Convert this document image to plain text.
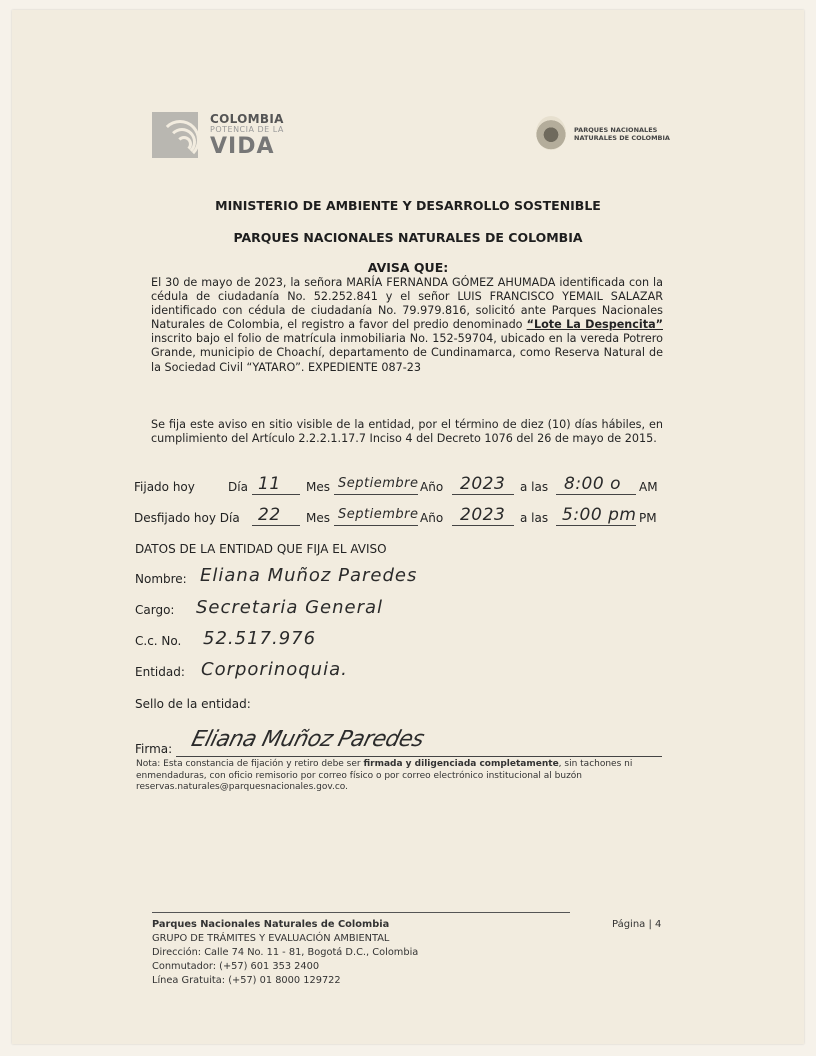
COLOMBIA
POTENCIA DE LA
VIDA
PARQUES NACIONALES
NATURALES DE COLOMBIA
MINISTERIO DE AMBIENTE Y DESARROLLO SOSTENIBLE
PARQUES NACIONALES NATURALES DE COLOMBIA
AVISA QUE:
El 30 de mayo de 2023, la señora MARÍA FERNANDA GÓMEZ AHUMADA identificada con la cédula de ciudadanía No. 52.252.841 y el señor LUIS FRANCISCO YEMAIL SALAZAR identificado con cédula de ciudadanía No. 79.979.816, solicitó ante Parques Nacionales Naturales de Colombia, el registro a favor del predio denominado “Lote La Despencita” inscrito bajo el folio de matrícula inmobiliaria No. 152-59704, ubicado en la vereda Potrero Grande, municipio de Choachí, departamento de Cundinamarca, como Reserva Natural de la Sociedad Civil “YATARO”. EXPEDIENTE 087-23
Se fija este aviso en sitio visible de la entidad, por el término de diez (10) días hábiles, en cumplimiento del Artículo 2.2.2.1.17.7 Inciso 4 del Decreto 1076 del 26 de mayo de 2015.
Fijado hoy	Día 11 Mes Septiembre Año 2023 a las 8:00 o AM
Desfijado hoy Día 22 Mes Septiembre Año 2023 a las 5:00 pm PM
DATOS DE LA ENTIDAD QUE FIJA EL AVISO
Nombre: Eliana Muñoz Paredes
Cargo: Secretaria General
C.c. No. 52.517.976
Entidad: Corporinoquia.
Sello de la entidad:
Firma: Eliana Muñoz Paredes
Nota: Esta constancia de fijación y retiro debe ser firmada y diligenciada completamente, sin tachones ni enmendaduras, con oficio remisorio por correo físico o por correo electrónico institucional al buzón reservas.naturales@parquesnacionales.gov.co.
Parques Nacionales Naturales de Colombia
GRUPO DE TRÁMITES Y EVALUACIÓN AMBIENTAL
Dirección: Calle 74 No. 11 - 81, Bogotá D.C., Colombia
Conmutador: (+57) 601 353 2400
Línea Gratuita: (+57) 01 8000 129722
Página | 4
